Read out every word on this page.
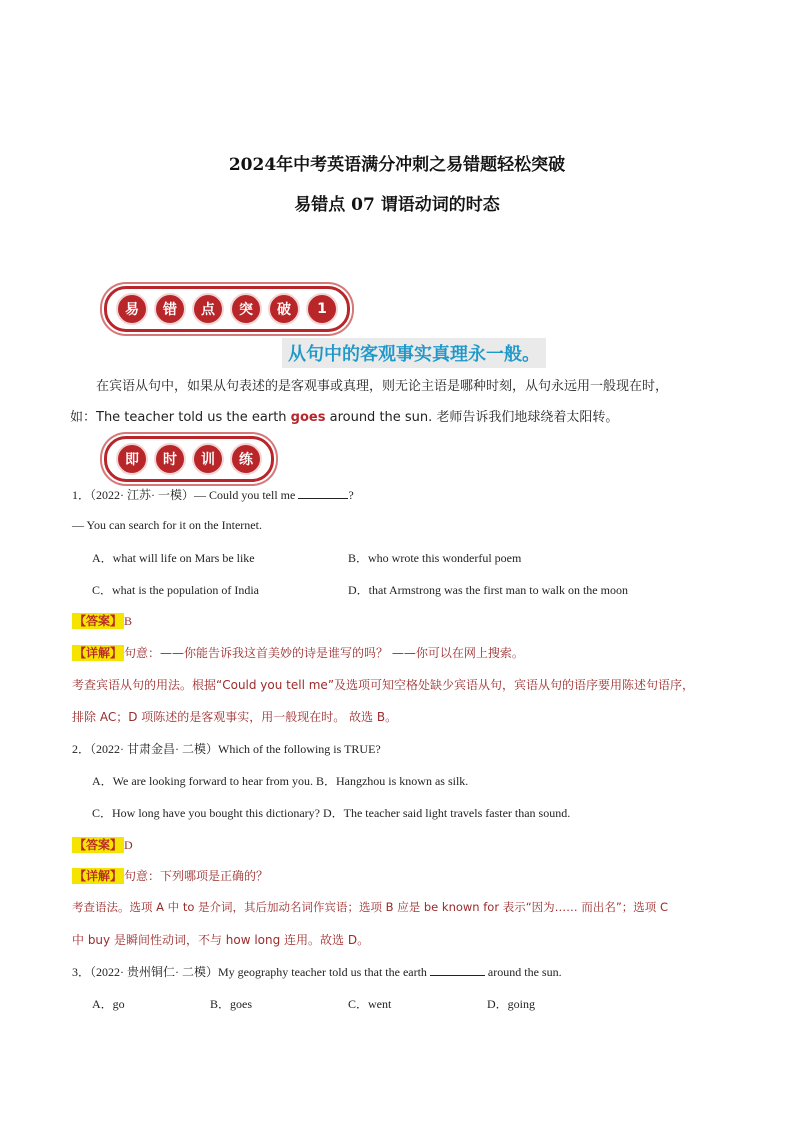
2024年中考英语满分冲刺之易错题轻松突破
易错点 07 谓语动词的时态
易	错	点	突	破	1
从句中的客观事实真理永一般。
在宾语从句中，如果从句表述的是客观事或真理，则无论主语是哪种时刻，从句永远用一般现在时，
如：The teacher told us the earth goes around the sun. 老师告诉我们地球绕着太阳转。
即	时	训	练
1．（2022· 江苏· 一模）— Could you tell me	?
— You can search for it on the Internet.
A．what will life on Mars be like	B．who wrote this wonderful poem
C．what is the population of India	D．that Armstrong was the first man to walk on the moon
【答案】 B
【详解】 句意：——你能告诉我这首美妙的诗是谁写的吗？ ——你可以在网上搜索。
考查宾语从句的用法。根据“Could you tell me”及选项可知空格处缺少宾语从句，宾语从句的语序要用陈述句语序，
排除 AC；D 项陈述的是客观事实，用一般现在时。 故选 B。
2．（2022· 甘肃金昌· 二模）Which of the following is TRUE?
A．We are looking forward to hear from you. B．Hangzhou is known as silk.
C．How long have you bought this dictionary? D．The teacher said light travels faster than sound.
【答案】 D
【详解】 句意：下列哪项是正确的？
考查语法。选项 A 中 to 是介词，其后加动名词作宾语；选项 B 应是 be known for 表示“因为…… 而出名”；选项 C
中 buy 是瞬间性动词，不与 how long 连用。故选 D。
3．（2022· 贵州铜仁· 二模）My geography teacher told us that the earth	around the sun.
A．go	B．goes	C．went	D．going
